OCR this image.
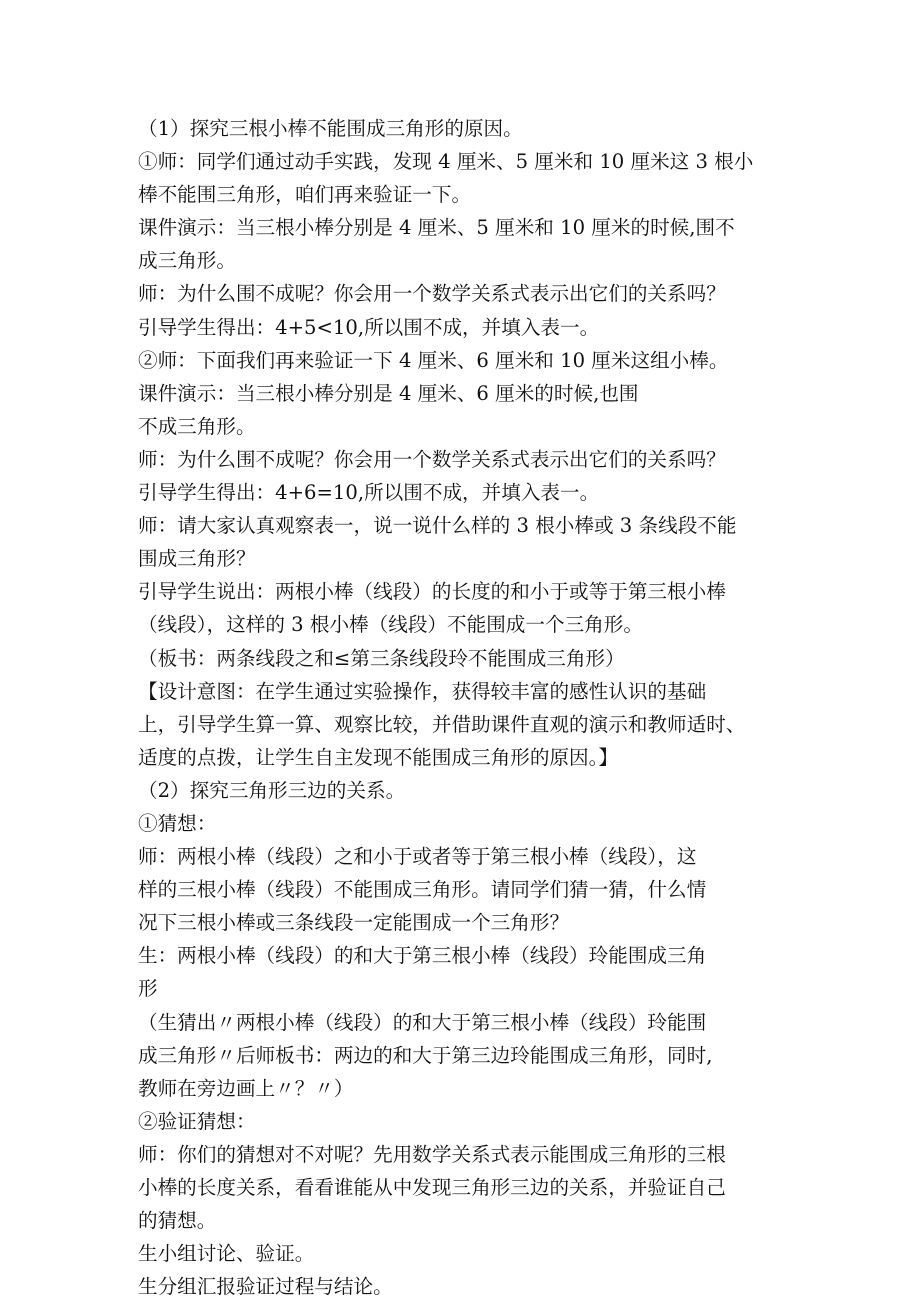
（1）探究三根小棒不能围成三角形的原因。

①师：同学们通过动手实践，发现 4 厘米、5 厘米和 10 厘米这 3 根小

棒不能围三角形，咱们再来验证一下。

课件演示：当三根小棒分别是 4 厘米、5 厘米和 10 厘米的时候,围不

成三角形。

师：为什么围不成呢？你会用一个数学关系式表示出它们的关系吗？

引导学生得出：4+5<10,所以围不成，并填入表一。

②师：下面我们再来验证一下 4 厘米、6 厘米和 10 厘米这组小棒。

课件演示：当三根小棒分别是 4 厘米、6 厘米的时候,也围

不成三角形。

师：为什么围不成呢？你会用一个数学关系式表示出它们的关系吗？

引导学生得出：4+6=10,所以围不成，并填入表一。

师：请大家认真观察表一，说一说什么样的 3 根小棒或 3 条线段不能

围成三角形？

引导学生说出：两根小棒（线段）的长度的和小于或等于第三根小棒

（线段），这样的 3 根小棒（线段）不能围成一个三角形。

（板书：两条线段之和≤第三条线段玲不能围成三角形）

【设计意图：在学生通过实验操作，获得较丰富的感性认识的基础

上，引导学生算一算、观察比较，并借助课件直观的演示和教师适时、

适度的点拨，让学生自主发现不能围成三角形的原因。】

（2）探究三角形三边的关系。

①猜想：

师：两根小棒（线段）之和小于或者等于第三根小棒（线段），这

样的三根小棒（线段）不能围成三角形。请同学们猜一猜，什么情

况下三根小棒或三条线段一定能围成一个三角形？

生：两根小棒（线段）的和大于第三根小棒（线段）玲能围成三角

形

（生猜出〃两根小棒（线段）的和大于第三根小棒（线段）玲能围

成三角形〃后师板书：两边的和大于第三边玲能围成三角形，同时,

教师在旁边画上〃？〃）

②验证猜想：

师：你们的猜想对不对呢？先用数学关系式表示能围成三角形的三根

小棒的长度关系，看看谁能从中发现三角形三边的关系，并验证自己

的猜想。

生小组讨论、验证。

生分组汇报验证过程与结论。
